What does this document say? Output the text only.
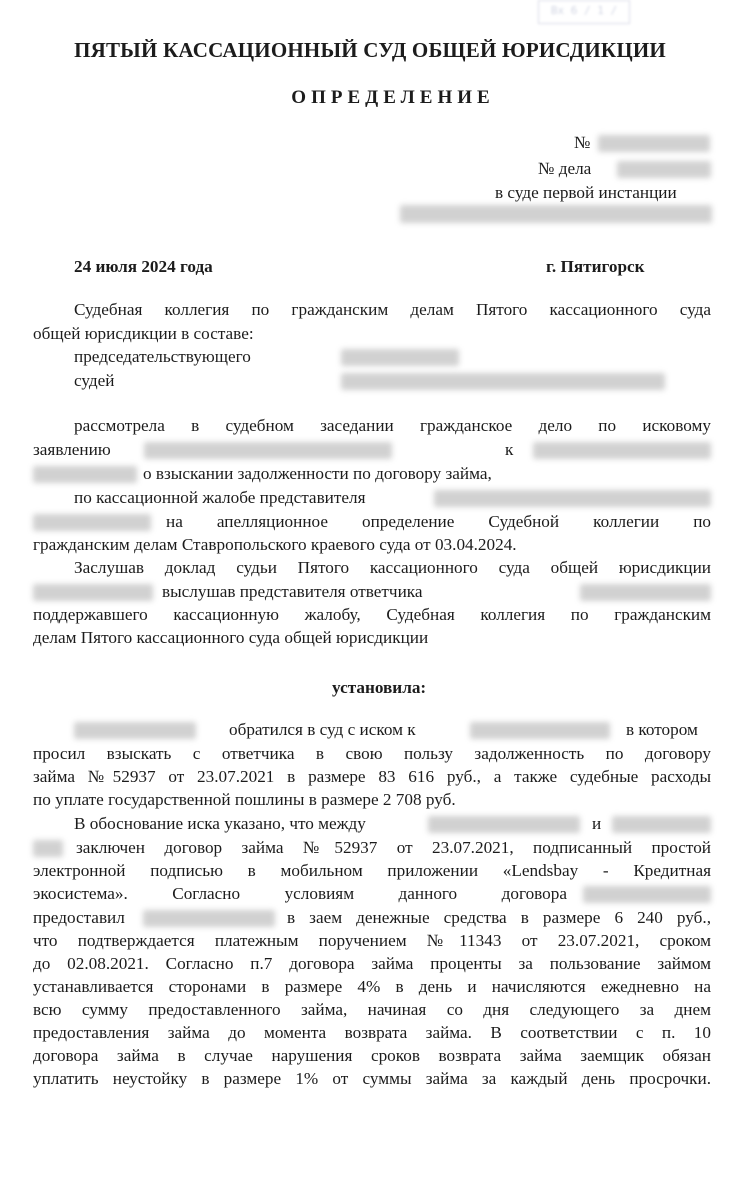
Вх 6 / 1 /
ПЯТЫЙ КАССАЦИОННЫЙ СУД ОБЩЕЙ ЮРИСДИКЦИИ
ОПРЕДЕЛЕНИЕ
№
№ дела
в суде первой инстанции
24 июля 2024 года	г. Пятигорск
Судебная коллегия по гражданским делам Пятого кассационного суда
общей юрисдикции в составе:
председательствующего
судей
рассмотрела в судебном заседании гражданское дело по исковому
заявлению	к
о взыскании задолженности по договору займа,
по кассационной жалобе представителя
на апелляционное определение Судебной коллегии по
гражданским делам Ставропольского краевого суда от 03.04.2024.
Заслушав доклад судьи Пятого кассационного суда общей юрисдикции
выслушав представителя ответчика
поддержавшего кассационную жалобу, Судебная коллегия по гражданским
делам Пятого кассационного суда общей юрисдикции
установила:
обратился в суд с иском к	в котором
просил взыскать с ответчика в свою пользу задолженность по договору
займа №52937 от 23.07.2021 в размере 83 616 руб., а также судебные расходы
по уплате государственной пошлины в размере 2 708 руб.
В обоснование иска указано, что между	и
заключен договор займа №52937 от 23.07.2021, подписанный простой
электронной подписью в мобильном приложении «Lendsbay - Кредитная
экосистема». Согласно условиям данного договора
предоставил	в заем денежные средства в размере 6 240 руб.,
что подтверждается платежным поручением №11343 от 23.07.2021, сроком
до 02.08.2021. Согласно п.7 договора займа проценты за пользование займом
устанавливается сторонами в размере 4% в день и начисляются ежедневно на
всю сумму предоставленного займа, начиная со дня следующего за днем
предоставления займа до момента возврата займа. В соответствии с п. 10
договора займа в случае нарушения сроков возврата займа заемщик обязан
уплатить неустойку в размере 1% от суммы займа за каждый день просрочки.
